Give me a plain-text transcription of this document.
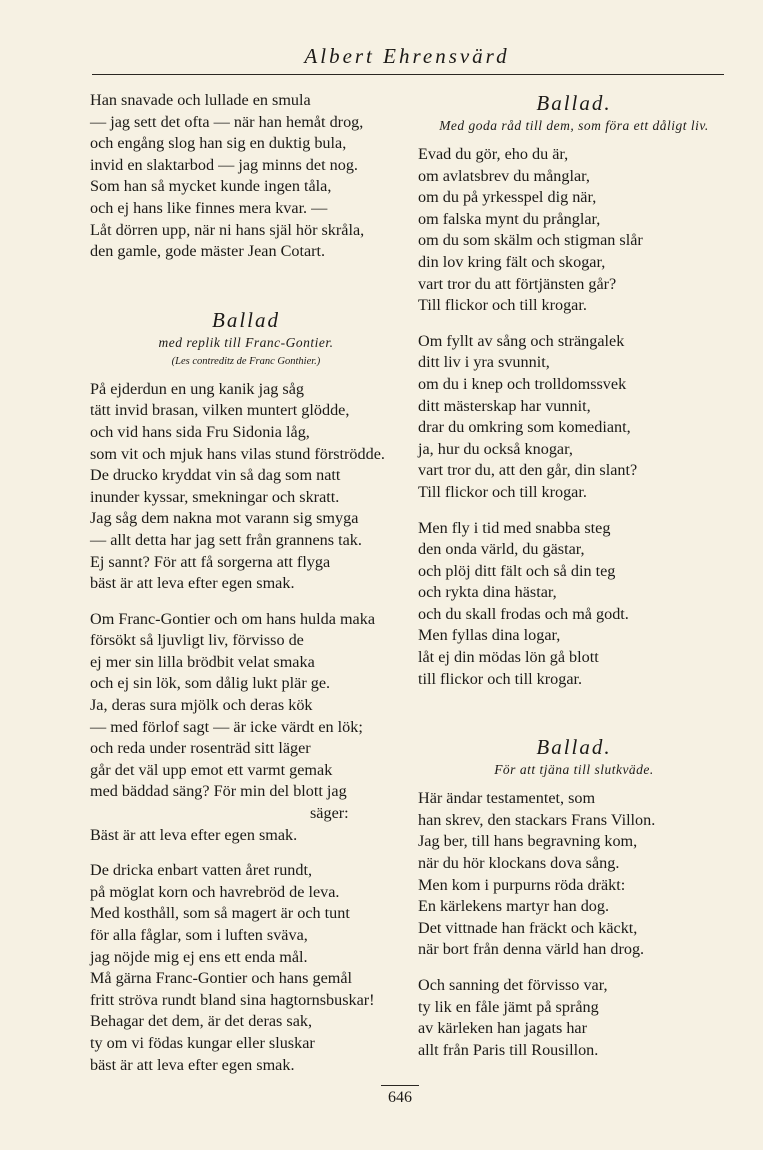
Albert Ehrensvärd
Han snavade och lullade en smula
— jag sett det ofta — när han hemåt drog,
och engång slog han sig en duktig bula,
invid en slaktarbod — jag minns det nog.
Som han så mycket kunde ingen tåla,
och ej hans like finnes mera kvar. —
Låt dörren upp, när ni hans själ hör skråla,
den gamle, gode mäster Jean Cotart.
Ballad
med replik till Franc-Gontier.
(Les contreditz de Franc Gonthier.)
På ejderdun en ung kanik jag såg
tätt invid brasan, vilken muntert glödde,
och vid hans sida Fru Sidonia låg,
som vit och mjuk hans vilas stund förströdde.
De drucko kryddat vin så dag som natt
inunder kyssar, smekningar och skratt.
Jag såg dem nakna mot varann sig smyga
— allt detta har jag sett från grannens tak.
Ej sannt? För att få sorgerna att flyga
bäst är att leva efter egen smak.
Om Franc-Gontier och om hans hulda maka
försökt så ljuvligt liv, förvisso de
ej mer sin lilla brödbit velat smaka
och ej sin lök, som dålig lukt plär ge.
Ja, deras sura mjölk och deras kök
— med förlof sagt — är icke värdt en lök;
och reda under rosenträd sitt läger
går det väl upp emot ett varmt gemak
med bäddad säng? För min del blott jag
säger:
Bäst är att leva efter egen smak.
De dricka enbart vatten året rundt,
på möglat korn och havrebröd de leva.
Med kosthåll, som så magert är och tunt
för alla fåglar, som i luften sväva,
jag nöjde mig ej ens ett enda mål.
Må gärna Franc-Gontier och hans gemål
fritt ströva rundt bland sina hagtornsbuskar!
Behagar det dem, är det deras sak,
ty om vi födas kungar eller sluskar
bäst är att leva efter egen smak.
Ballad.
Med goda råd till dem, som föra ett dåligt liv.
Evad du gör, eho du är,
om avlatsbrev du månglar,
om du på yrkesspel dig när,
om falska mynt du prånglar,
om du som skälm och stigman slår
din lov kring fält och skogar,
vart tror du att förtjänsten går?
Till flickor och till krogar.
Om fyllt av sång och strängalek
ditt liv i yra svunnit,
om du i knep och trolldomssvek
ditt mästerskap har vunnit,
drar du omkring som komediant,
ja, hur du också knogar,
vart tror du, att den går, din slant?
Till flickor och till krogar.
Men fly i tid med snabba steg
den onda värld, du gästar,
och plöj ditt fält och så din teg
och rykta dina hästar,
och du skall frodas och må godt.
Men fyllas dina logar,
låt ej din mödas lön gå blott
till flickor och till krogar.
Ballad.
För att tjäna till slutkväde.
Här ändar testamentet, som
han skrev, den stackars Frans Villon.
Jag ber, till hans begravning kom,
när du hör klockans dova sång.
Men kom i purpurns röda dräkt:
En kärlekens martyr han dog.
Det vittnade han fräckt och käckt,
när bort från denna värld han drog.
Och sanning det förvisso var,
ty lik en fåle jämt på språng
av kärleken han jagats har
allt från Paris till Rousillon.
646
